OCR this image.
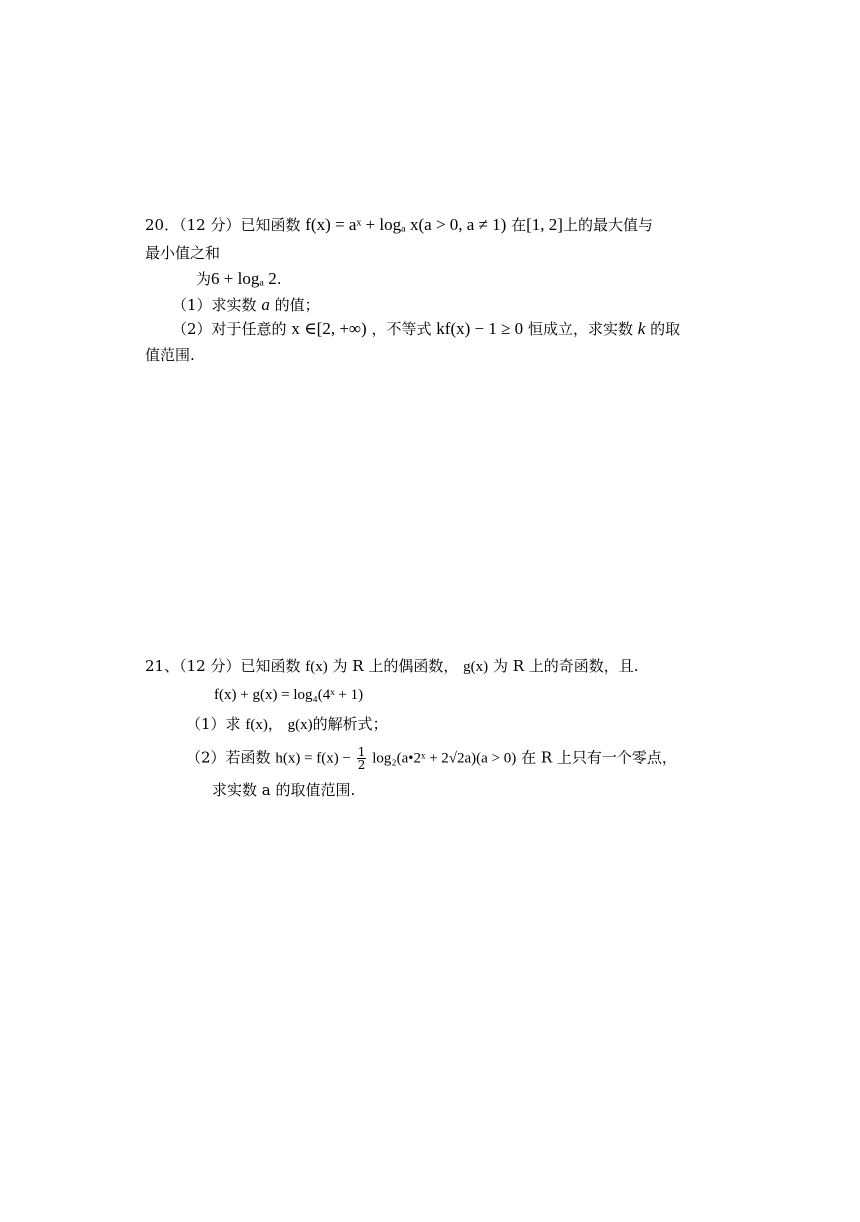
20．（12 分）已知函数 f(x) = aˣ + logₐ x(a > 0, a ≠ 1) 在[1, 2]上的最大值与
最小值之和
为6 + logₐ 2.
（1）求实数 a 的值；
（2）对于任意的 x ∈[2, +∞) ，不等式 kf(x) − 1 ≥ 0 恒成立，求实数 k 的取
值范围.
21、（12 分）已知函数 f(x) 为 R 上的偶函数， g(x) 为 R 上的奇函数，且.
f(x) + g(x) = log₄(4ˣ + 1)
（1）求 f(x)， g(x)的解析式；
（2）若函数 $h(x) = f(x) - \frac{1}{2}$ log₂(a•2ˣ + 2√2a)(a > 0) 在 R 上只有一个零点，
求实数 a 的取值范围.
